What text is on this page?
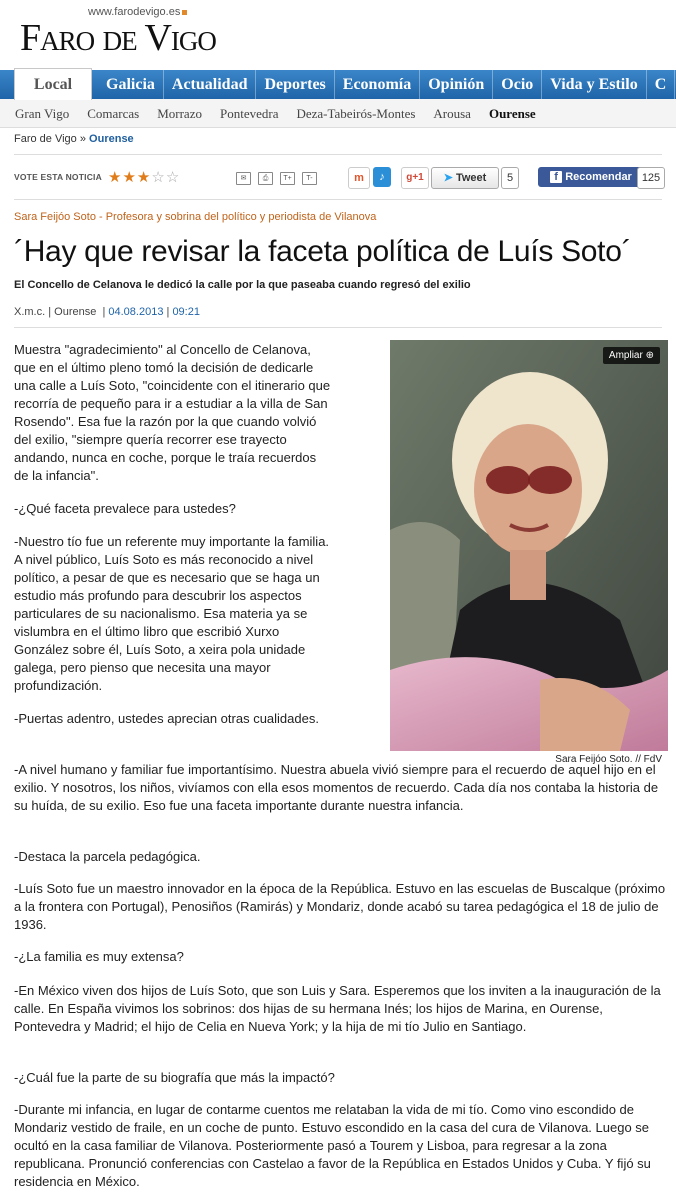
www.farodevigo.es
Faro de Vigo
Local	Galicia	Actualidad	Deportes	Economía	Opinión	Ocio	Vida y Estilo	C
Gran Vigo	Comarcas	Morrazo	Pontevedra	Deza-Tabeirós-Montes	Arousa	Ourense
Faro de Vigo » Ourense
VOTE ESTA NOTICIA ★★★☆☆	✉	⎙	T+	T-	m	♪	g+1	➤ Tweet	5	f Recomendar 125
Sara Feijóo Soto - Profesora y sobrina del político y periodista de Vilanova
´Hay que revisar la faceta política de Luís Soto´
El Concello de Celanova le dedicó la calle por la que paseaba cuando regresó del exilio
X.m.c. | Ourense  | 04.08.2013 | 09:21
Ampliar ⊕
Sara Feijóo Soto. // FdV
Muestra "agradecimiento" al Concello de Celanova, que en el último pleno tomó la decisión de dedicarle una calle a Luís Soto, "coincidente con el itinerario que recorría de pequeño para ir a estudiar a la villa de San Rosendo". Esa fue la razón por la que cuando volvió del exilio, "siempre quería recorrer ese trayecto andando, nunca en coche, porque le traía recuerdos de la infancia".
-¿Qué faceta prevalece para ustedes?
-Nuestro tío fue un referente muy importante la familia. A nivel público, Luís Soto es más reconocido a nivel político, a pesar de que es necesario que se haga un estudio más profundo para descubrir los aspectos particulares de su nacionalismo. Esa materia ya se vislumbra en el último libro que escribió Xurxo González sobre él, Luís Soto, a xeira pola unidade galega, pero pienso que necesita una mayor profundización.
-Puertas adentro, ustedes aprecian otras cualidades.
-A nivel humano y familiar fue importantísimo. Nuestra abuela vivió siempre para el recuerdo de aquel hijo en el exilio. Y nosotros, los niños, vivíamos con ella esos momentos de recuerdo. Cada día nos contaba la historia de su huída, de su exilio. Eso fue una faceta importante durante nuestra infancia.
-Destaca la parcela pedagógica.
-Luís Soto fue un maestro innovador en la época de la República. Estuvo en las escuelas de Buscalque (próximo a la frontera con Portugal), Penosiños (Ramirás) y Mondariz, donde acabó su tarea pedagógica el 18 de julio de 1936.
-¿La familia es muy extensa?
-En México viven dos hijos de Luís Soto, que son Luis y Sara. Esperemos que los inviten a la inauguración de la calle. En España vivimos los sobrinos: dos hijas de su hermana Inés; los hijos de Marina, en Ourense, Pontevedra y Madrid; el hijo de Celia en Nueva York; y la hija de mi tío Julio en Santiago.
-¿Cuál fue la parte de su biografía que más la impactó?
-Durante mi infancia, en lugar de contarme cuentos me relataban la vida de mi tío. Como vino escondido de Mondariz vestido de fraile, en un coche de punto. Estuvo escondido en la casa del cura de Vilanova. Luego se ocultó en la casa familiar de Vilanova. Posteriormente pasó a Tourem y Lisboa, para regresar a la zona republicana. Pronunció conferencias con Castelao a favor de la República en Estados Unidos y Cuba. Y fijó su residencia en México.
